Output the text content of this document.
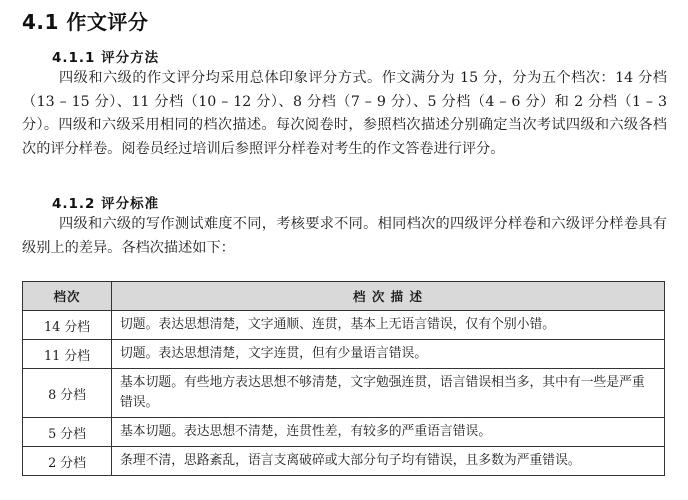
4.1 作文评分
4.1.1 评分方法
四级和六级的作文评分均采用总体印象评分方式。作文满分为 15 分，分为五个档次：14 分档（13 – 15 分）、11 分档（10 – 12 分）、8 分档（7 – 9 分）、5 分档（4 – 6 分）和 2 分档（1 – 3 分）。四级和六级采用相同的档次描述。每次阅卷时，参照档次描述分别确定当次考试四级和六级各档次的评分样卷。阅卷员经过培训后参照评分样卷对考生的作文答卷进行评分。
4.1.2 评分标准
四级和六级的写作测试难度不同，考核要求不同。相同档次的四级评分样卷和六级评分样卷具有级别上的差异。各档次描述如下：
档次	档 次 描 述
14 分档	切题。表达思想清楚，文字通顺、连贯，基本上无语言错误，仅有个别小错。
11 分档	切题。表达思想清楚，文字连贯，但有少量语言错误。
8 分档	基本切题。有些地方表达思想不够清楚，文字勉强连贯，语言错误相当多，其中有一些是严重错误。
5 分档	基本切题。表达思想不清楚，连贯性差，有较多的严重语言错误。
2 分档	条理不清，思路紊乱，语言支离破碎或大部分句子均有错误，且多数为严重错误。
